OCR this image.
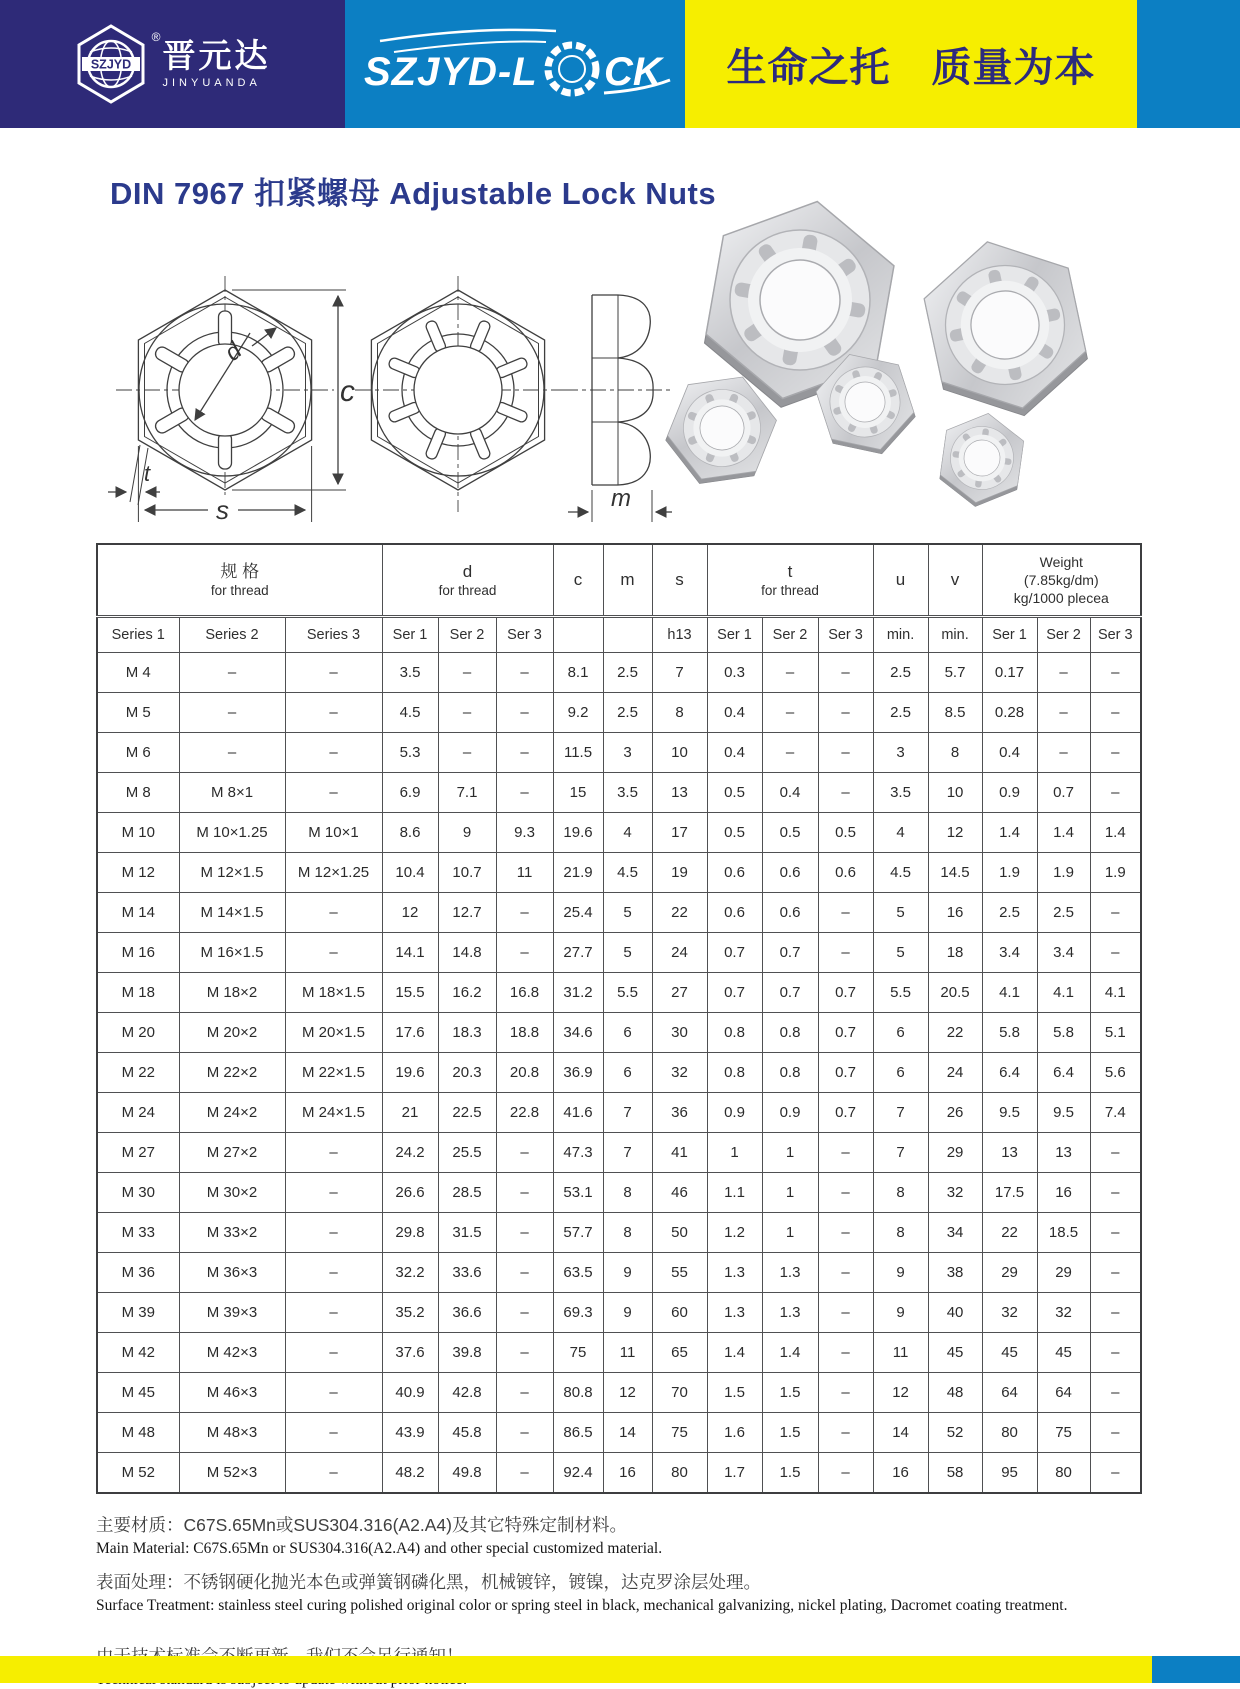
SZJYD
® 晋元达
JINYUANDA	SZJYD-L CK 生命之托　质量为本
DIN 7967 扣紧螺母 Adjustable Lock Nuts
d
c
s
t
m
规 格
for thread

d
for thread

c	m	s	t
for thread

u	v

Weight
(7.85kg/dm)
kg/1000 plecea

Series 1	Series 2	Series 3	Ser 1	Ser 2	Ser 3			h13	Ser 1	Ser 2	Ser 3	min.	min.	Ser 1	Ser 2	Ser 3
M 4	–	–	3.5	–	–	8.1	2.5	7	0.3	–	–	2.5	5.7	0.17	–	–
M 5	–	–	4.5	–	–	9.2	2.5	8	0.4	–	–	2.5	8.5	0.28	–	–
M 6	–	–	5.3	–	–	11.5	3	10	0.4	–	–	3	8	0.4	–	–
M 8	M 8×1	–	6.9	7.1	–	15	3.5	13	0.5	0.4	–	3.5	10	0.9	0.7	–
M 10	M 10×1.25	M 10×1	8.6	9	9.3	19.6	4	17	0.5	0.5	0.5	4	12	1.4	1.4	1.4
M 12	M 12×1.5	M 12×1.25	10.4	10.7	11	21.9	4.5	19	0.6	0.6	0.6	4.5	14.5	1.9	1.9	1.9
M 14	M 14×1.5	–	12	12.7	–	25.4	5	22	0.6	0.6	–	5	16	2.5	2.5	–
M 16	M 16×1.5	–	14.1	14.8	–	27.7	5	24	0.7	0.7	–	5	18	3.4	3.4	–
M 18	M 18×2	M 18×1.5	15.5	16.2	16.8	31.2	5.5	27	0.7	0.7	0.7	5.5	20.5	4.1	4.1	4.1
M 20	M 20×2	M 20×1.5	17.6	18.3	18.8	34.6	6	30	0.8	0.8	0.7	6	22	5.8	5.8	5.1
M 22	M 22×2	M 22×1.5	19.6	20.3	20.8	36.9	6	32	0.8	0.8	0.7	6	24	6.4	6.4	5.6
M 24	M 24×2	M 24×1.5	21	22.5	22.8	41.6	7	36	0.9	0.9	0.7	7	26	9.5	9.5	7.4
M 27	M 27×2	–	24.2	25.5	–	47.3	7	41	1	1	–	7	29	13	13	–
M 30	M 30×2	–	26.6	28.5	–	53.1	8	46	1.1	1	–	8	32	17.5	16	–
M 33	M 33×2	–	29.8	31.5	–	57.7	8	50	1.2	1	–	8	34	22	18.5	–
M 36	M 36×3	–	32.2	33.6	–	63.5	9	55	1.3	1.3	–	9	38	29	29	–
M 39	M 39×3	–	35.2	36.6	–	69.3	9	60	1.3	1.3	–	9	40	32	32	–
M 42	M 42×3	–	37.6	39.8	–	75	11	65	1.4	1.4	–	11	45	45	45	–
M 45	M 46×3	–	40.9	42.8	–	80.8	12	70	1.5	1.5	–	12	48	64	64	–
M 48	M 48×3	–	43.9	45.8	–	86.5	14	75	1.6	1.5	–	14	52	80	75	–
M 52	M 52×3	–	48.2	49.8	–	92.4	16	80	1.7	1.5	–	16	58	95	80	–
主要材质：C67S.65Mn或SUS304.316(A2.A4)及其它特殊定制材料。
Main Material: C67S.65Mn or SUS304.316(A2.A4) and other special customized material.
表面处理：不锈钢硬化抛光本色或弹簧钢磷化黑，机械镀锌，镀镍，达克罗涂层处理。
Surface Treatment: stainless steel curing polished original color or spring steel in black, mechanical galvanizing, nickel plating, Dacromet coating treatment.
